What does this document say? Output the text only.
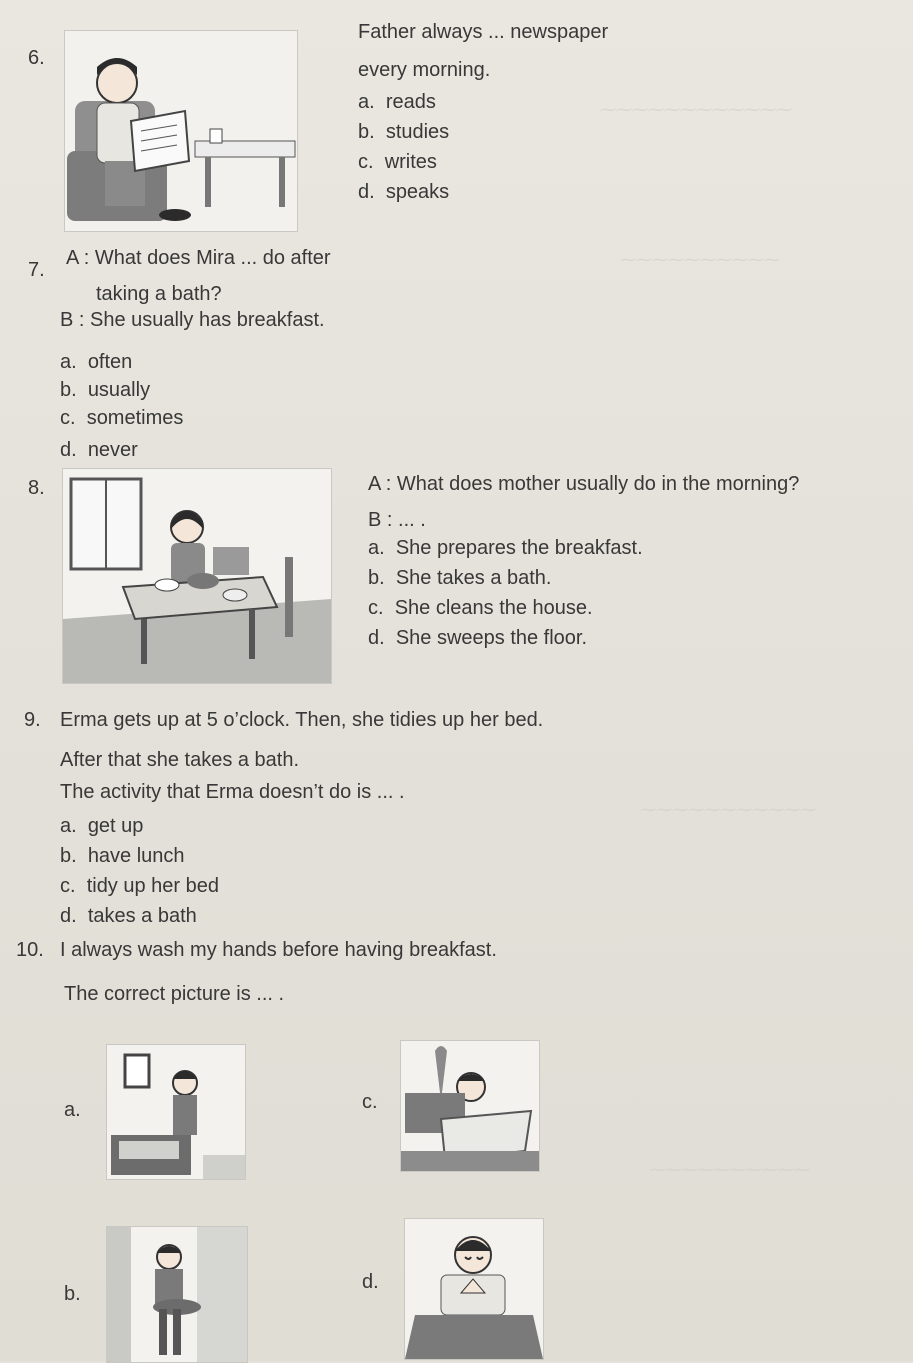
⁓⁓⁓⁓⁓⁓⁓⁓⁓⁓⁓⁓
⁓⁓⁓⁓⁓⁓⁓⁓⁓⁓
⁓⁓⁓⁓⁓⁓⁓⁓⁓⁓⁓
⁓⁓⁓⁓⁓⁓⁓⁓⁓⁓
6.
Father always ... newspaper
every morning.
a. reads
b. studies
c. writes
d. speaks
7.
A : What does Mira ... do after
taking a bath?
B : She usually has breakfast.
a. often
b. usually
c. sometimes
d. never
8.	A : What does mother usually do in the morning?
B : ... .
a. She prepares the breakfast.
b. She takes a bath.
c. She cleans the house.
d. She sweeps the floor.
9. Erma gets up at 5 o’clock. Then, she tidies up her bed.
After that she takes a bath.
The activity that Erma doesn’t do is ... .
a. get up
b. have lunch
c. tidy up her bed
d. takes a bath
10. I always wash my hands before having breakfast.
The correct picture is ... .
a.	c.
b.
d.
